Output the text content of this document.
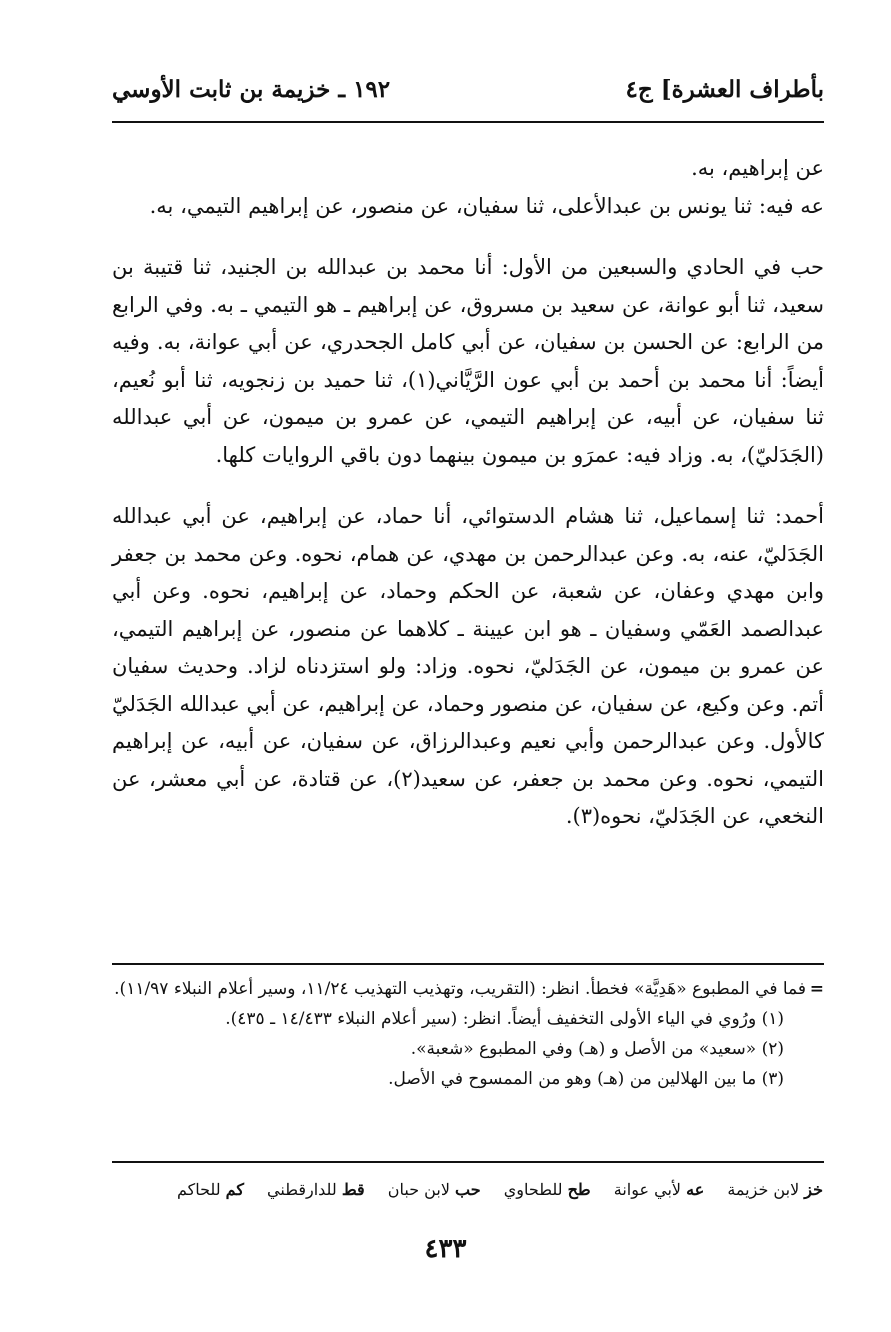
بأطراف العشرة] ج٤
١٩٢ ـ خزيمة بن ثابت الأوسي

عن إبراهيم، به.

عه فيه: ثنا يونس بن عبدالأعلى، ثنا سفيان، عن منصور، عن إبراهيم التيمي، به.

حب في الحادي والسبعين من الأول: أنا محمد بن عبدالله بن الجنيد، ثنا قتيبة بن سعيد، ثنا أبو عوانة، عن سعيد بن مسروق، عن إبراهيم ـ هو التيمي ـ به. وفي الرابع من الرابع: عن الحسن بن سفيان، عن أبي كامل الجحدري، عن أبي عوانة، به. وفيه أيضاً: أنا محمد بن أحمد بن أبي عون الرَّيَّاني(١)، ثنا حميد بن زنجويه، ثنا أبو نُعيم، ثنا سفيان، عن أبيه، عن إبراهيم التيمي، عن عمرو بن ميمون، عن أبي عبدالله (الجَدَليّ)، به. وزاد فيه: عمرَو بن ميمون بينهما دون باقي الروايات كلها.

أحمد: ثنا إسماعيل، ثنا هشام الدستوائي، أنا حماد، عن إبراهيم، عن أبي عبدالله الجَدَليّ، عنه، به. وعن عبدالرحمن بن مهدي، عن همام، نحوه. وعن محمد بن جعفر وابن مهدي وعفان، عن شعبة، عن الحكم وحماد، عن إبراهيم، نحوه. وعن أبي عبدالصمد العَمّي وسفيان ـ هو ابن عيينة ـ كلاهما عن منصور، عن إبراهيم التيمي، عن عمرو بن ميمون، عن الجَدَليّ، نحوه. وزاد: ولو استزدناه لزاد. وحديث سفيان أتم. وعن وكيع، عن سفيان، عن منصور وحماد، عن إبراهيم، عن أبي عبدالله الجَدَليّ كالأول. وعن عبدالرحمن وأبي نعيم وعبدالرزاق، عن سفيان، عن أبيه، عن إبراهيم التيمي، نحوه. وعن محمد بن جعفر، عن سعيد(٢)، عن قتادة، عن أبي معشر، عن النخعي، عن الجَدَليّ، نحوه(٣).

=
فما في المطبوع «هَدِيَّة» فخطأ. انظر: (التقريب، وتهذيب التهذيب ١١/٢٤، وسير أعلام النبلاء ١١/٩٧).

(١) ورُوي في الياء الأولى التخفيف أيضاً. انظر: (سير أعلام النبلاء ١٤/٤٣٣ ـ ٤٣٥).

(٢) «سعيد» من الأصل و (هـ) وفي المطبوع «شعبة».

(٣) ما بين الهلالين من (هـ) وهو من الممسوح في الأصل.

خز لابن خزيمة عه لأبي عوانة طح للطحاوي حب لابن حبان قط للدارقطني كم للحاكم
٤٣٣
